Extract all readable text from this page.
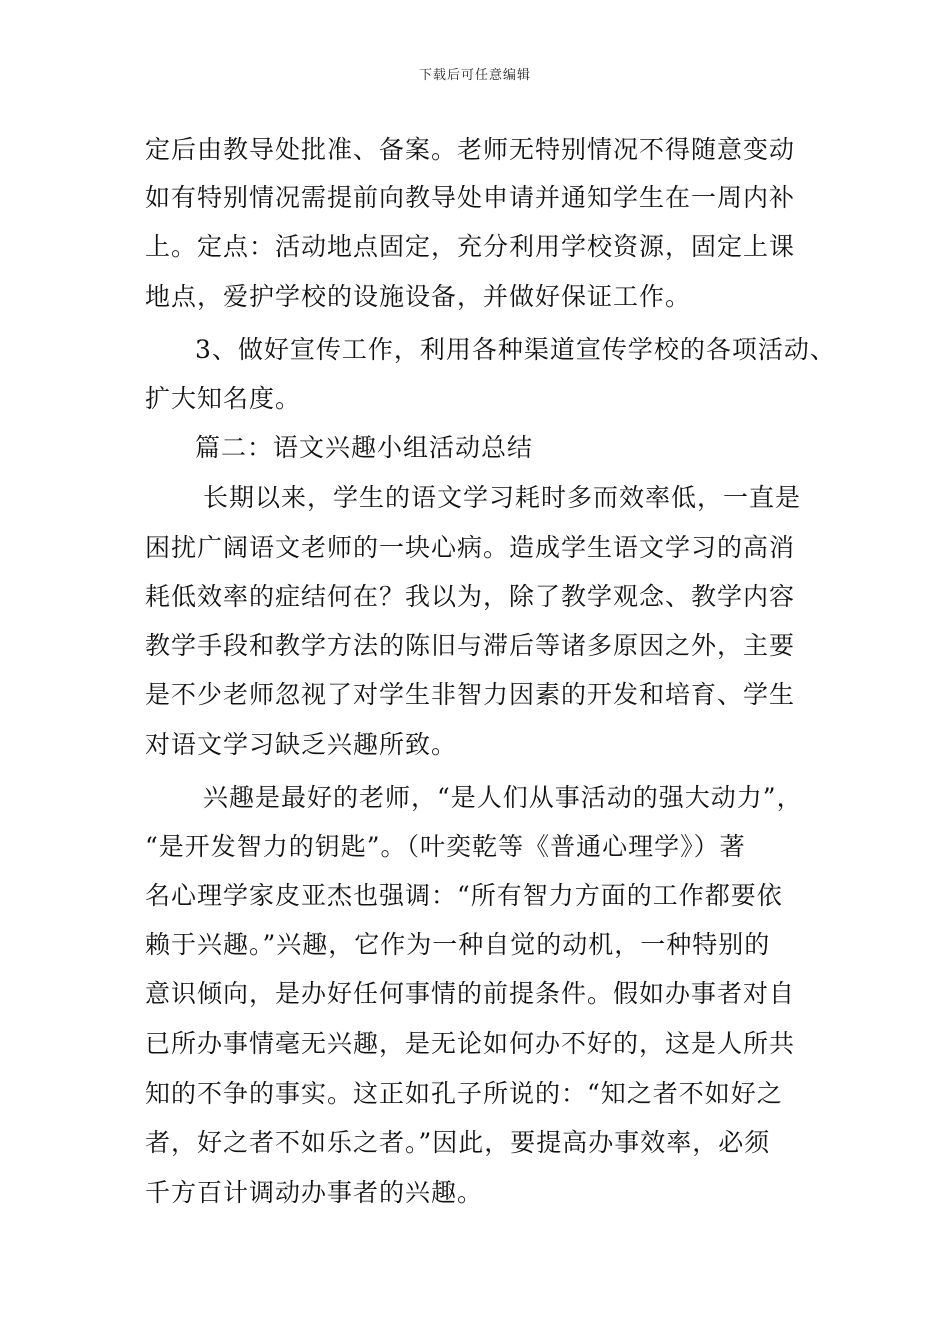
下载后可任意编辑
定后由教导处批准、备案。老师无特别情况不得随意变动
如有特别情况需提前向教导处申请并通知学生在一周内补
上。定点：活动地点固定，充分利用学校资源，固定上课
地点，爱护学校的设施设备，并做好保证工作。
3、做好宣传工作，利用各种渠道宣传学校的各项活动、
扩大知名度。
篇二：语文兴趣小组活动总结
长期以来，学生的语文学习耗时多而效率低，一直是
困扰广阔语文老师的一块心病。造成学生语文学习的高消
耗低效率的症结何在？我以为，除了教学观念、教学内容
教学手段和教学方法的陈旧与滞后等诸多原因之外，主要
是不少老师忽视了对学生非智力因素的开发和培育、学生
对语文学习缺乏兴趣所致。
兴趣是最好的老师，“是人们从事活动的强大动力”，
“是开发智力的钥匙”。（叶奕乾等《普通心理学》）著
名心理学家皮亚杰也强调：“所有智力方面的工作都要依
赖于兴趣。”兴趣，它作为一种自觉的动机，一种特别的
意识倾向，是办好任何事情的前提条件。假如办事者对自
已所办事情毫无兴趣，是无论如何办不好的，这是人所共
知的不争的事实。这正如孔子所说的：“知之者不如好之
者，好之者不如乐之者。”因此，要提高办事效率，必须
千方百计调动办事者的兴趣。
